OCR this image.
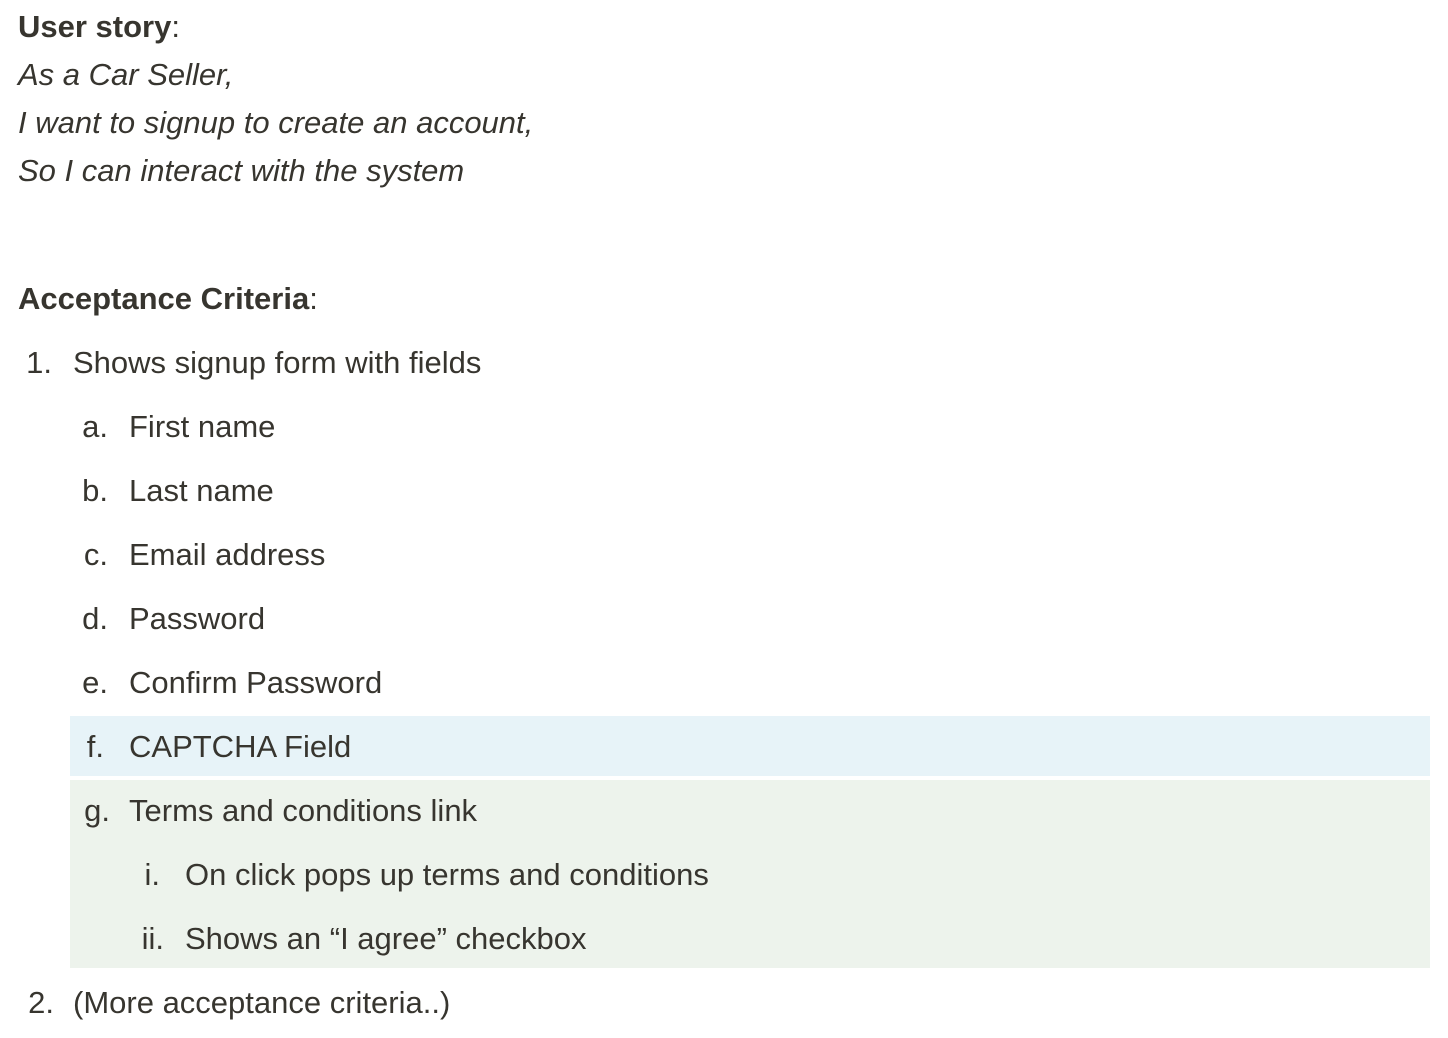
User story:
As a Car Seller,
I want to signup to create an account,
So I can interact with the system
Acceptance Criteria:
1. Shows signup form with fields
a. First name
b. Last name
c. Email address
d. Password
e. Confirm Password
f. CAPTCHA Field
g. Terms and conditions link
i. On click pops up terms and conditions
ii. Shows an “I agree” checkbox
2. (More acceptance criteria..)
